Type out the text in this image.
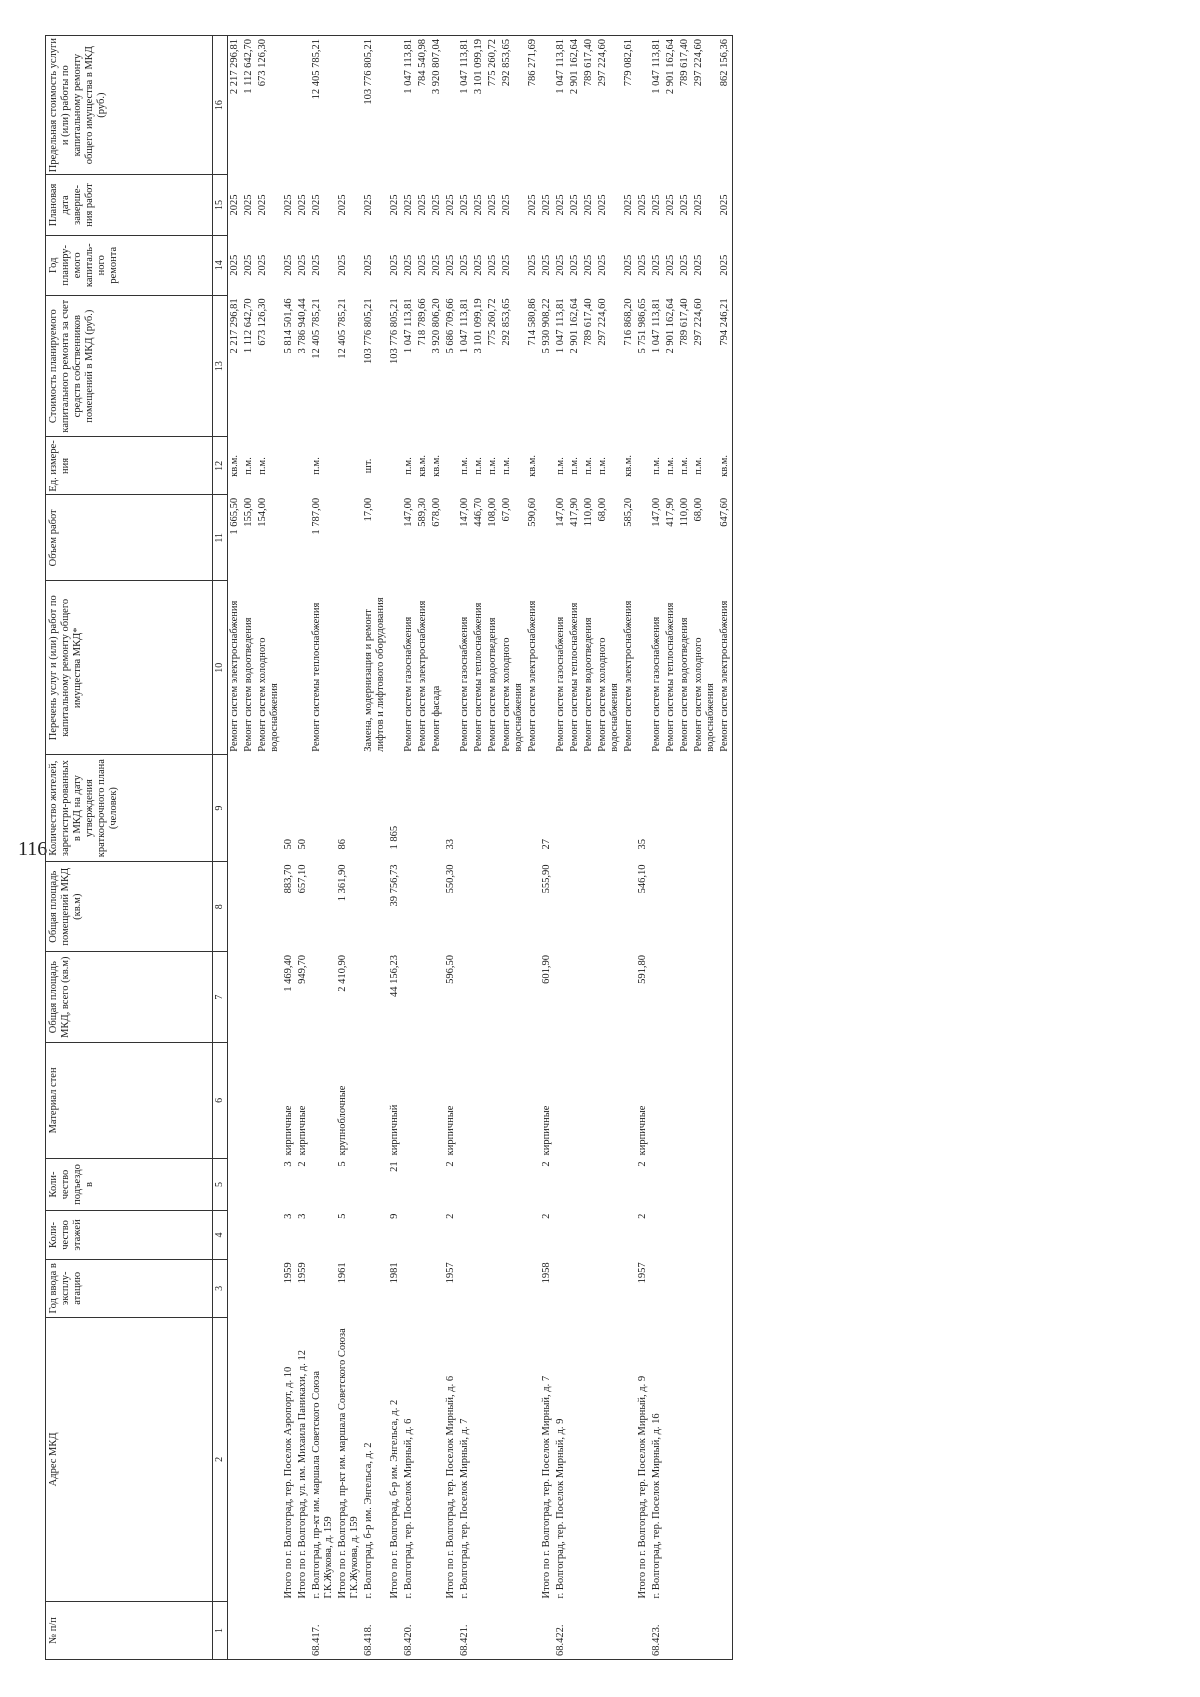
116
№ п/п	Адрес МКД	Год ввода в эксплу-атацию	Коли-чество этажей	Коли-чество подъездо в	Материал стен	Общая площадь МКД, всего (кв.м)	Общая площадь помещений МКД (кв.м)	Количество жителей, зарегистри-рованных в МКД на дату утверждения краткосрочного плана (человек)	Перечень услуг и (или) работ по капитальному ремонту общего имущества МКД*	Объем работ	Ед. измере-ния	Стоимость планируемого капитального ремонта за счет средств собственников помещений в МКД (руб.)	Год планиру-емого капиталь-ного ремонта	Плановая дата заверше-ния работ	Предельная стоимость услуги и (или) работы по капитальному ремонту общего имущества в МКД (руб.)
1	2	3	4	5	6	7	8	9	10	11	12	13	14	15	16
									Ремонт систем электроснабжения	1 665,50	кв.м.	2 217 296,81	2025	2025	2 217 296,81
									Ремонт систем водоотведения	155,00	п.м.	1 112 642,70	2025	2025	1 112 642,70
									Ремонт систем холодного водоснабжения	154,00	п.м.	673 126,30	2025	2025	673 126,30
	Итого по г. Волгоград, тер. Поселок Аэропорт, д. 10	1959	3	3	кирпичные	1 469,40	883,70	50				5 814 501,46	2025	2025	
	Итого по г. Волгоград, ул. им. Михаила Паникахи, д. 12	1959	3	2	кирпичные	949,70	657,10	50				3 786 940,44	2025	2025	
68.417.	г. Волгоград, пр-кт им. маршала Советского Союза Г.К.Жукова, д. 159								Ремонт системы теплоснабжения	1 787,00	п.м.	12 405 785,21	2025	2025	12 405 785,21
	Итого по г. Волгоград, пр-кт им. маршала Советского Союза Г.К.Жукова, д. 159	1961	5	5	крупноблочные	2 410,90	1 361,90	86				12 405 785,21	2025	2025	
68.418.	г. Волгоград, б-р им. Энгельса, д. 2								Замена, модернизация и ремонт лифтов и лифтового оборудования	17,00	шт.	103 776 805,21	2025	2025	103 776 805,21
	Итого по г. Волгоград, б-р им. Энгельса, д. 2	1981	9	21	кирпичный	44 156,23	39 756,73	1 865				103 776 805,21	2025	2025	
68.420.	г. Волгоград, тер. Поселок Мирный, д. 6								Ремонт систем газоснабжения	147,00	п.м.	1 047 113,81	2025	2025	1 047 113,81
									Ремонт систем электроснабжения	589,30	кв.м.	718 789,66	2025	2025	784 540,98
									Ремонт фасада	678,00	кв.м.	3 920 806,20	2025	2025	3 920 807,04
	Итого по г. Волгоград, тер. Поселок Мирный, д. 6	1957	2	2	кирпичные	596,50	550,30	33				5 686 709,66	2025	2025	
68.421.	г. Волгоград, тер. Поселок Мирный, д. 7								Ремонт систем газоснабжения	147,00	п.м.	1 047 113,81	2025	2025	1 047 113,81
									Ремонт системы теплоснабжения	446,70	п.м.	3 101 099,19	2025	2025	3 101 099,19
									Ремонт систем водоотведения	108,00	п.м.	775 260,72	2025	2025	775 260,72
									Ремонт систем холодного водоснабжения	67,00	п.м.	292 853,65	2025	2025	292 853,65
									Ремонт систем электроснабжения	590,60	кв.м.	714 580,86	2025	2025	786 271,69
	Итого по г. Волгоград, тер. Поселок Мирный, д. 7	1958	2	2	кирпичные	601,90	555,90	27				5 930 908,22	2025	2025	
68.422.	г. Волгоград, тер. Поселок Мирный, д. 9								Ремонт систем газоснабжения	147,00	п.м.	1 047 113,81	2025	2025	1 047 113,81
									Ремонт системы теплоснабжения	417,90	п.м.	2 901 162,64	2025	2025	2 901 162,64
									Ремонт систем водоотведения	110,00	п.м.	789 617,40	2025	2025	789 617,40
									Ремонт систем холодного водоснабжения	68,00	п.м.	297 224,60	2025	2025	297 224,60
									Ремонт систем электроснабжения	585,20	кв.м.	716 868,20	2025	2025	779 082,61
	Итого по г. Волгоград, тер. Поселок Мирный, д. 9	1957	2	2	кирпичные	591,80	546,10	35				5 751 986,65	2025	2025	
68.423.	г. Волгоград, тер. Поселок Мирный, д. 16								Ремонт систем газоснабжения	147,00	п.м.	1 047 113,81	2025	2025	1 047 113,81
									Ремонт системы теплоснабжения	417,90	п.м.	2 901 162,64	2025	2025	2 901 162,64
									Ремонт систем водоотведения	110,00	п.м.	789 617,40	2025	2025	789 617,40
									Ремонт систем холодного водоснабжения	68,00	п.м.	297 224,60	2025	2025	297 224,60
									Ремонт систем электроснабжения	647,60	кв.м.	794 246,21	2025	2025	862 156,36
